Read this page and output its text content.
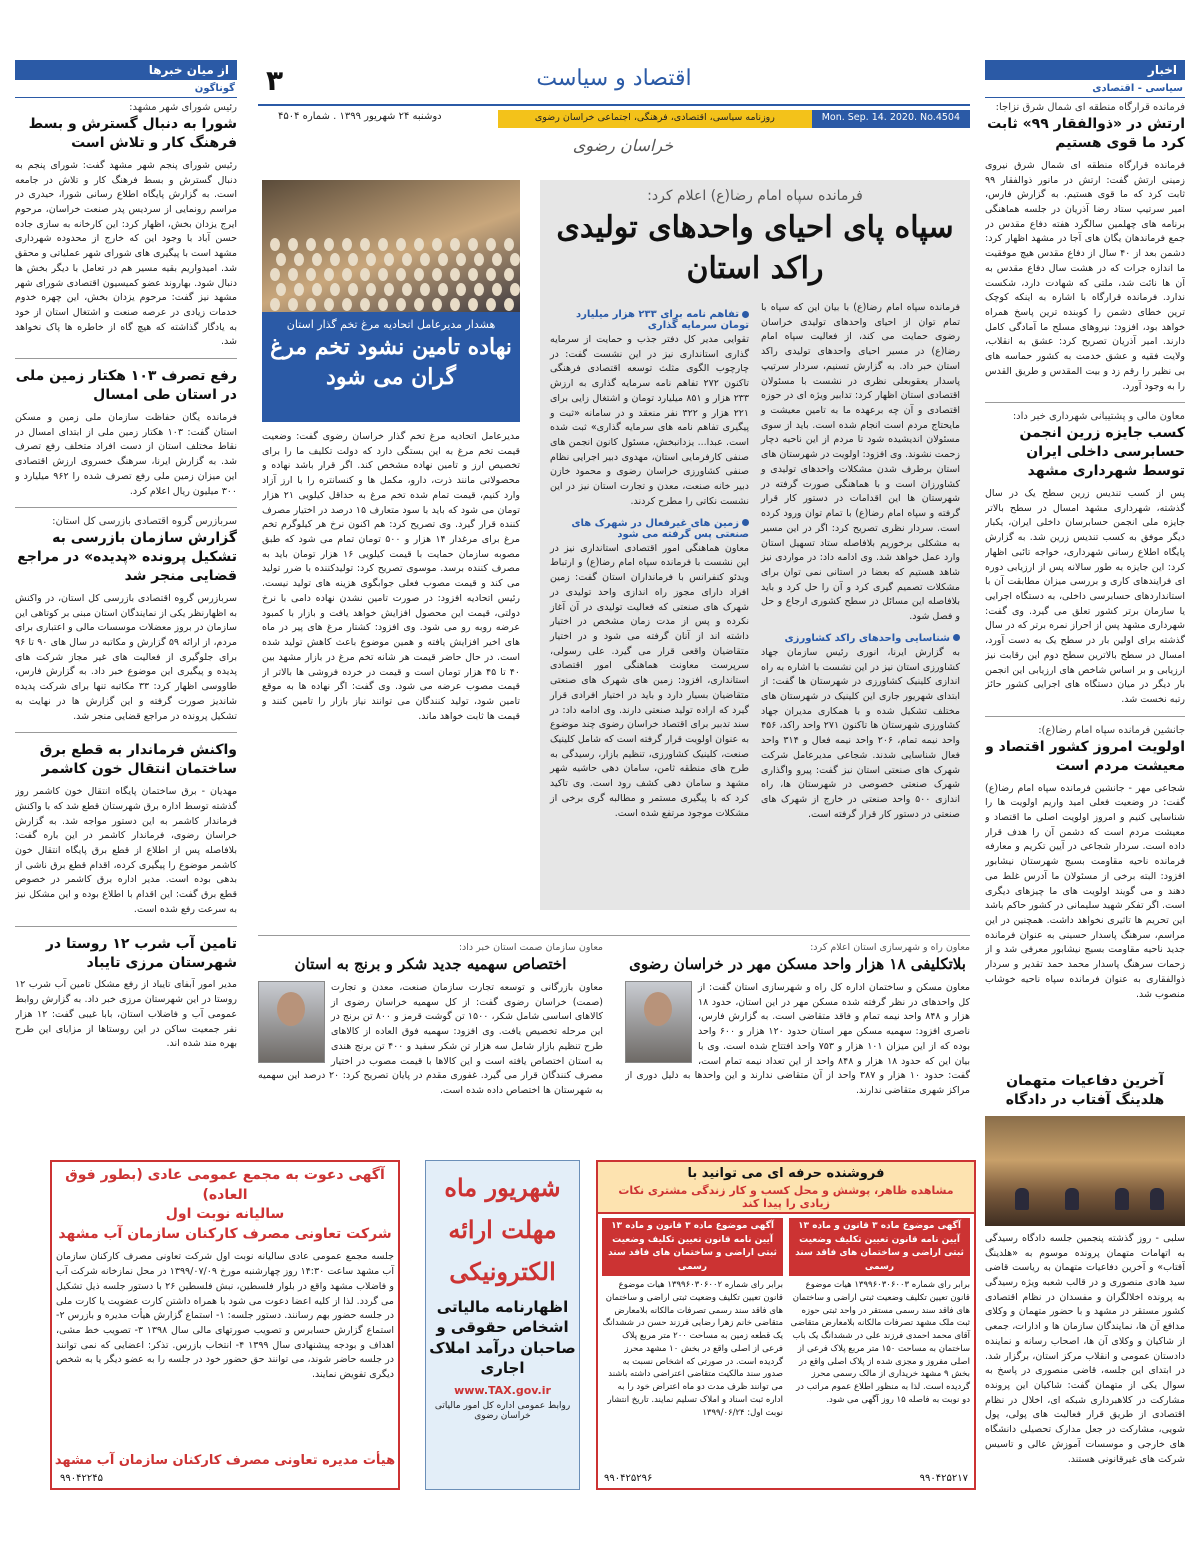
اخبار
سیاسی - اقتصادی
فرمانده قرارگاه منطقه ای شمال شرق نزاجا:
ارتش در «ذوالفقار ۹۹» ثابت کرد ما قوی هستیم

فرمانده قرارگاه منطقه ای شمال شرق نیروی زمینی ارتش گفت: ارتش در مانور ذوالفقار ۹۹ ثابت کرد که ما قوی هستیم. به گزارش فارس، امیر سرتیپ ستاد رضا آذریان در جلسه هماهنگی برنامه های چهلمین سالگرد هفته دفاع مقدس در جمع فرماندهان یگان های آجا در مشهد اظهار کرد: دشمن بعد از ۴۰ سال از دفاع مقدس هیچ موفقیت ما اندازه جرات که در هشت سال دفاع مقدس به آن ها نائت شد، ملتی که شهادت دارد، شکست ندارد. فرمانده قرارگاه با اشاره به اینکه کوچک ترین خطای دشمن را کوبنده ترین پاسخ همراه خواهد بود، افزود: نیروهای مسلح ما آمادگی کامل دارند. امیر آذریان تصریح کرد: عشق به انقلاب، ولایت فقیه و عشق خدمت به کشور حماسه های بی نظیر را رقم زد و بیت المقدس و طریق القدس را به وجود آورد.

معاون مالی و پشتیبانی شهرداری خبر داد:
کسب جایزه زرین انجمن حسابرسی داخلی ایران توسط شهرداری مشهد

پس از کسب تندیس زرین سطح یک در سال گذشته، شهرداری مشهد امسال در سطح بالاتر جایزه ملی انجمن حسابرسان داخلی ایران، یکبار دیگر موفق به کسب تندیس زرین شد. به گزارش پایگاه اطلاع رسانی شهرداری، خواجه تائبی اظهار کرد: این جایزه به طور سالانه پس از ارزیابی دوره ای فرایندهای کاری و بررسی میزان مطابقت آن با استانداردهای حسابرسی داخلی، به دستگاه اجرایی یا سازمان برتر کشور تعلق می گیرد. وی گفت: شهرداری مشهد پس از احراز نمره برتر که در سال گذشته برای اولین بار در سطح یک به دست آورد، امسال در سطح بالاترین سطح دوم این رقابت نیز ارزیابی و بر اساس شاخص های ارزیابی این انجمن بار دیگر در میان دستگاه های اجرایی کشور حائز رتبه نخست شد.

جانشین فرمانده سپاه امام رضا(ع):
اولویت امروز کشور اقتصاد و معیشت مردم است

شجاعی مهر - جانشین فرمانده سپاه امام رضا(ع) گفت: در وضعیت فعلی امید واریم اولویت ها را شناسایی کنیم و امروز اولویت اصلی ما اقتصاد و معیشت مردم است که دشمن آن را هدف قرار داده است. سردار شجاعی در آیین تکریم و معارفه فرمانده ناحیه مقاومت بسیج شهرستان نیشابور افزود: البته برخی از مسئولان ما آدرس غلط می دهند و می گویند اولویت های ما چیزهای دیگری است. اگر تفکر شهید سلیمانی در کشور حاکم باشد این تحریم ها تاثیری نخواهد داشت. همچنین در این مراسم، سرهنگ پاسدار حسینی به عنوان فرمانده جدید ناحیه مقاومت بسیج نیشابور معرفی شد و از زحمات سرهنگ پاسدار محمد حمد تقدیر و سردار ذوالفقاری به عنوان فرمانده سپاه ناحیه خوشاب منصوب شد.

۳	اقتصاد و سیاست
دوشنبه ۲۴ شهریور ۱۳۹۹ . شماره ۴۵۰۴	روزنامه سیاسی، اقتصادی، فرهنگی، اجتماعی خراسان رضوی	Mon. Sep. 14. 2020. No.4504
خراسان رضوی
فرمانده سپاه امام رضا(ع) اعلام کرد:
سپاه پای احیای واحدهای تولیدی راکد استان

فرمانده سپاه امام رضا(ع) با بیان این که سپاه با تمام توان از احیای واحدهای تولیدی خراسان رضوی حمایت می کند، از فعالیت سپاه امام رضا(ع) در مسیر احیای واحدهای تولیدی راکد استان خبر داد. به گزارش تسنیم، سردار سرتیپ پاسدار یعقوبعلی نظری در نشست با مسئولان اقتصادی استان اظهار کرد: تدابیر ویژه ای در حوزه اقتصادی و آن چه برعهده ما به تامین معیشت و مایحتاج مردم است انجام شده است. باید از سوی مسئولان اندیشیده شود تا مردم از این ناحیه دچار زحمت نشوند. وی افزود: اولویت در شهرستان های استان برطرف شدن مشکلات واحدهای تولیدی و کشاورزان است و با هماهنگی صورت گرفته در شهرستان ها این اقدامات در دستور کار قرار گرفته و سپاه امام رضا(ع) با تمام توان ورود کرده است. سردار نظری تصریح کرد: اگر در این مسیر به مشکلی برخوریم بلافاصله ستاد تسهیل استان وارد عمل خواهد شد. وی ادامه داد: در مواردی نیز شاهد هستیم که بعضا در استانی نمی توان برای مشکلات تصمیم گیری کرد و آن را حل کرد و باید بلافاصله این مسائل در سطح کشوری ارجاع و حل و فصل شود.

شناسایی واحدهای راکد کشاورزی

به گزارش ایرنا، انوری رئیس سازمان جهاد کشاورزی استان نیز در این نشست با اشاره به راه اندازی کلینیک کشاورزی در شهرستان ها گفت: از ابتدای شهریور جاری این کلینیک در شهرستان های مختلف تشکیل شده و با همکاری مدیران جهاد کشاورزی شهرستان ها تاکنون ۲۷۱ واحد راکد، ۴۵۶ واحد نیمه تمام، ۲۰۶ واحد نیمه فعال و ۳۱۴ واحد فعال شناسایی شدند. شجاعی مدیرعامل شرکت شهرک های صنعتی استان نیز گفت: پیرو واگذاری شهرک صنعتی خصوصی در شهرستان ها، راه اندازی ۵۰۰ واحد صنعتی در خارج از شهرک های صنعتی در دستور کار قرار گرفته است.

تفاهم نامه برای ۲۳۳ هزار میلیارد تومان سرمایه گذاری

تقوایی مدیر کل دفتر جذب و حمایت از سرمایه گذاری استانداری نیز در این نشست گفت: در چارچوب الگوی مثلث توسعه اقتصادی فرهنگی تاکنون ۲۷۲ تفاهم نامه سرمایه گذاری به ارزش ۲۳۳ هزار و ۸۵۱ میلیارد تومان و اشتغال زایی برای ۲۲۱ هزار و ۳۲۲ نفر منعقد و در سامانه «ثبت و پیگیری تفاهم نامه های سرمایه گذاری» ثبت شده است. عبدا... یزدانبخش، مسئول کانون انجمن های صنفی کارفرمایی استان، مهدوی دبیر اجرایی نظام صنفی کشاورزی خراسان رضوی و محمود خازن دبیر خانه صنعت، معدن و تجارت استان نیز در این نشست نکاتی را مطرح کردند.

زمین های غیرفعال در شهرک های صنعتی پس گرفته می شود

معاون هماهنگی امور اقتصادی استانداری نیز در این نشست با فرمانده سپاه امام رضا(ع) و ارتباط ویدئو کنفرانس با فرمانداران استان گفت: زمین افراد دارای مجوز راه اندازی واحد تولیدی در شهرک های صنعتی که فعالیت تولیدی در آن آغاز نکرده و پس از مدت زمان مشخص در اختیار داشته اند از آنان گرفته می شود و در اختیار متقاضیان واقعی قرار می گیرد. علی رسولی، سرپرست معاونت هماهنگی امور اقتصادی استانداری، افزود: زمین های شهرک های صنعتی متقاضیان بسیار دارد و باید در اختیار افرادی قرار گیرد که اراده تولید صنعتی دارند. وی ادامه داد: در سند تدبیر برای اقتصاد خراسان رضوی چند موضوع به عنوان اولویت قرار گرفته است که شامل کلینیک صنعت، کلینیک کشاورزی، تنظیم بازار، رسیدگی به طرح های منطقه ثامن، سامان دهی حاشیه شهر مشهد و سامان دهی کشف رود است. وی تاکید کرد که با پیگیری مستمر و مطالبه گری برخی از مشکلات موجود مرتفع شده است.

هشدار مدیرعامل اتحادیه مرغ تخم گذار استان
نهاده تامین نشود تخم مرغ گران می شود

مدیرعامل اتحادیه مرغ تخم گذار خراسان رضوی گفت: وضعیت قیمت تخم مرغ به این بستگی دارد که دولت تکلیف ما را برای تخصیص ارز و تامین نهاده مشخص کند. اگر قرار باشد نهاده و محصولاتی مانند ذرت، دارو، مکمل ها و کنسانتره را با ارز آزاد وارد کنیم، قیمت تمام شده تخم مرغ به حداقل کیلویی ۲۱ هزار تومان می شود که باید با سود متعارف ۱۵ درصد در اختیار مصرف کننده قرار گیرد. وی تصریح کرد: هم اکنون نرخ هر کیلوگرم تخم مرغ برای مرغدار ۱۴ هزار و ۵۰۰ تومان تمام می شود که طبق مصوبه سازمان حمایت با قیمت کیلویی ۱۶ هزار تومان باید به مصرف کننده برسد. موسوی تصریح کرد: تولیدکننده با ضرر تولید می کند و قیمت مصوب فعلی جوابگوی هزینه های تولید نیست. رئیس اتحادیه افزود: در صورت تامین نشدن نهاده دامی با نرخ دولتی، قیمت این محصول افزایش خواهد یافت و بازار با کمبود عرضه روبه رو می شود. وی افزود: کشتار مرغ های پیر در ماه های اخیر افزایش یافته و همین موضوع باعث کاهش تولید شده است. در حال حاضر قیمت هر شانه تخم مرغ در بازار مشهد بین ۴۰ تا ۴۵ هزار تومان است و قیمت در خرده فروشی ها بالاتر از قیمت مصوب عرضه می شود. وی گفت: اگر نهاده ها به موقع تامین شود، تولید کنندگان می توانند نیاز بازار را تامین کنند و قیمت ها ثابت خواهد ماند.

از میان خبرها
گوناگون
رئیس شورای شهر مشهد:
شورا به دنبال گسترش و بسط فرهنگ کار و تلاش است

رئیس شورای پنجم شهر مشهد گفت: شورای پنجم به دنبال گسترش و بسط فرهنگ کار و تلاش در جامعه است. به گزارش پایگاه اطلاع رسانی شورا، حیدری در مراسم رونمایی از سردیس پدر صنعت خراسان، مرحوم ایرج یزدان بخش، اظهار کرد: این کارخانه به سازی جاده حسن آباد با وجود این که خارج از محدوده شهرداری مشهد است با پیگیری های شورای شهر عملیاتی و محقق شد. امیدواریم بقیه مسیر هم در تعامل با دیگر بخش ها دنبال شود. بهاروند عضو کمیسیون اقتصادی شورای شهر مشهد نیز گفت: مرحوم یزدان بخش، این چهره خدوم خدمات زیادی در عرصه صنعت و اشتغال استان از خود به یادگار گذاشته که هیچ گاه از خاطره ها پاک نخواهد شد.

رفع تصرف ۱۰۳ هکتار زمین ملی در استان طی امسال

فرمانده یگان حفاظت سازمان ملی زمین و مسکن استان گفت: ۱۰۳ هکتار زمین ملی از ابتدای امسال در نقاط مختلف استان از دست افراد متخلف رفع تصرف شد. به گزارش ایرنا، سرهنگ خسروی ارزش اقتصادی این میزان زمین ملی رفع تصرف شده را ۹۶۲ میلیارد و ۳۰۰ میلیون ریال اعلام کرد.

سربازرس گروه اقتصادی بازرسی کل استان:
گزارش سازمان بازرسی به تشکیل پرونده «پدیده» در مراجع قضایی منجر شد

سربازرس گروه اقتصادی بازرسی کل استان، در واکنش به اظهارنظر یکی از نمایندگان استان مبنی بر کوتاهی این سازمان در بروز معضلات موسسات مالی و اعتباری برای مردم، از ارائه ۵۹ گزارش و مکاتبه در سال های ۹۰ تا ۹۶ برای جلوگیری از فعالیت های غیر مجاز شرکت های پدیده و پیگیری این موضوع خبر داد. به گزارش فارس، طاووسی اظهار کرد: ۳۳ مکاتبه تنها برای شرکت پدیده شاندیز صورت گرفته و این گزارش ها در نهایت به تشکیل پرونده در مراجع قضایی منجر شد.

واکنش فرماندار به قطع برق ساختمان انتقال خون کاشمر

مهدیان - برق ساختمان پایگاه انتقال خون کاشمر روز گذشته توسط اداره برق شهرستان قطع شد که با واکنش فرماندار کاشمر به این دستور مواجه شد. به گزارش خراسان رضوی، فرماندار کاشمر در این باره گفت: بلافاصله پس از اطلاع از قطع برق پایگاه انتقال خون کاشمر موضوع را پیگیری کرده، اقدام قطع برق ناشی از بدهی بوده است. مدیر اداره برق کاشمر در خصوص قطع برق گفت: این اقدام با اطلاع بوده و این مشکل نیز به سرعت رفع شده است.

تامین آب شرب ۱۲ روستا در شهرستان مرزی تایباد

مدیر امور آبفای تایباد از رفع مشکل تامین آب شرب ۱۲ روستا در این شهرستان مرزی خبر داد. به گزارش روابط عمومی آب و فاضلاب استان، بابا غیبی گفت: ۱۲ هزار نفر جمعیت ساکن در این روستاها از مزایای این طرح بهره مند شده اند.

معاون راه و شهرسازی استان اعلام کرد:
بلاتکلیفی ۱۸ هزار واحد مسکن مهر در خراسان رضوی

معاون مسکن و ساختمان اداره کل راه و شهرسازی استان گفت: از کل واحدهای در نظر گرفته شده مسکن مهر در این استان، حدود ۱۸ هزار و ۸۴۸ واحد نیمه تمام و فاقد متقاضی است. به گزارش فارس، ناصری افزود: سهمیه مسکن مهر استان حدود ۱۲۰ هزار و ۶۰۰ واحد بوده که از این میزان ۱۰۱ هزار و ۷۵۳ واحد افتتاح شده است. وی با بیان این که حدود ۱۸ هزار و ۸۴۸ واحد از این تعداد نیمه تمام است، گفت: حدود ۱۰ هزار و ۳۸۷ واحد از آن متقاضی ندارند و این واحدها به دلیل دوری از مراکز شهری متقاضی ندارند.

معاون سازمان صمت استان خبر داد:
اختصاص سهمیه جدید شکر و برنج به استان

معاون بازرگانی و توسعه تجارت سازمان صنعت، معدن و تجارت (صمت) خراسان رضوی گفت: از کل سهمیه خراسان رضوی از کالاهای اساسی شامل شکر، ۱۵۰۰ تن گوشت قرمز و ۸۰۰ تن برنج در این مرحله تخصیص یافت. وی افزود: سهمیه فوق العاده از کالاهای طرح تنظیم بازار شامل سه هزار تن شکر سفید و ۴۰۰ تن برنج هندی به استان اختصاص یافته است و این کالاها با قیمت مصوب در اختیار مصرف کنندگان قرار می گیرد. غفوری مقدم در پایان تصریح کرد: ۲۰ درصد این سهمیه به شهرستان ها اختصاص داده شده است.

آخرین دفاعیات متهمان هلدینگ آفتاب در دادگاه

سلبی - روز گذشته پنجمین جلسه دادگاه رسیدگی به اتهامات متهمان پرونده موسوم به «هلدینگ آفتاب» و آخرین دفاعیات متهمان به ریاست قاضی سید هادی منصوری و در قالب شعبه ویژه رسیدگی به پرونده اخلالگران و مفسدان در نظام اقتصادی کشور مستقر در مشهد و با حضور متهمان و وکلای مدافع آن ها، نمایندگان سازمان ها و ادارات، جمعی از شاکیان و وکلای آن ها، اصحاب رسانه و نماینده دادستان عمومی و انقلاب مرکز استان، برگزار شد. در ابتدای این جلسه، قاضی منصوری در پاسخ به سوال یکی از متهمان گفت: شاکیان این پرونده مشارکت در کلاهبرداری شبکه ای، اخلال در نظام اقتصادی از طریق قرار فعالیت های پولی، پول شویی، مشارکت در جعل مدارک تحصیلی دانشگاه های خارجی و موسسات آموزش عالی و تاسیس شرکت های غیرقانونی هستند.

آگهی دعوت به مجمع عمومی عادی (بطور فوق العاده)
سالیانه نوبت اول
شرکت تعاونی مصرف کارکنان سازمان آب مشهد

جلسه مجمع عمومی عادی سالیانه نوبت اول شرکت تعاونی مصرف کارکنان سازمان آب مشهد ساعت ۱۴:۳۰ روز چهارشنبه مورخ ۱۳۹۹/۰۷/۰۹ در محل نمازخانه شرکت آب و فاضلاب مشهد واقع در بلوار فلسطین، نبش فلسطین ۲۶ با دستور جلسه ذیل تشکیل می گردد. لذا از کلیه اعضا دعوت می شود با همراه داشتن کارت عضویت یا کارت ملی در جلسه حضور بهم رسانند. دستور جلسه: ۱- استماع گزارش هیأت مدیره و بازرس ۲- استماع گزارش حسابرس و تصویب صورتهای مالی سال ۱۳۹۸ ۳- تصویب خط مشی، اهداف و بودجه پیشنهادی سال ۱۳۹۹ ۴- انتخاب بازرس. تذکر: اعضایی که نمی توانند در جلسه حاضر شوند، می توانند حق حضور خود در جلسه را به عضو دیگر یا به شخص دیگری تفویض نمایند.

هیأت مدیره تعاونی مصرف کارکنان سازمان آب مشهد
۹۹۰۴۲۲۴۵
شهریور ماه
مهلت ارائه
الکترونیکی
اظهارنامه مالیاتی اشخاص حقوقی و صاحبان درآمد املاک اجاری
www.TAX.gov.ir
روابط عمومی اداره کل امور مالیاتی خراسان رضوی
فروشنده حرفه ای می توانید با
مشاهده ظاهر، پوشش و محل کسب و کار زندگی مشتری نکات زیادی را پیدا کند
آگهی موضوع ماده ۳ قانون و ماده ۱۳ آیین نامه قانون تعیین تکلیف وضعیت ثبتی اراضی و ساختمان های فاقد سند رسمی
برابر رای شماره ۱۳۹۹۶۰۳۰۶۰۰۳ هیات موضوع قانون تعیین تکلیف وضعیت ثبتی اراضی و ساختمان های فاقد سند رسمی مستقر در واحد ثبتی حوزه ثبت ملک مشهد تصرفات مالکانه بلامعارض متقاضی آقای محمد احمدی فرزند علی در ششدانگ یک باب ساختمان به مساحت ۱۵۰ متر مربع پلاک فرعی از اصلی مفروز و مجزی شده از پلاک اصلی واقع در بخش ۹ مشهد خریداری از مالک رسمی محرز گردیده است. لذا به منظور اطلاع عموم مراتب در دو نوبت به فاصله ۱۵ روز آگهی می شود.
آگهی موضوع ماده ۳ قانون و ماده ۱۳ آیین نامه قانون تعیین تکلیف وضعیت ثبتی اراضی و ساختمان های فاقد سند رسمی
برابر رای شماره ۱۳۹۹۶۰۳۰۶۰۰۲ هیات موضوع قانون تعیین تکلیف وضعیت ثبتی اراضی و ساختمان های فاقد سند رسمی تصرفات مالکانه بلامعارض متقاضی خانم زهرا رضایی فرزند حسن در ششدانگ یک قطعه زمین به مساحت ۲۰۰ متر مربع پلاک فرعی از اصلی واقع در بخش ۱۰ مشهد محرز گردیده است. در صورتی که اشخاص نسبت به صدور سند مالکیت متقاضی اعتراضی داشته باشند می توانند ظرف مدت دو ماه اعتراض خود را به اداره ثبت اسناد و املاک تسلیم نمایند. تاریخ انتشار نوبت اول: ۱۳۹۹/۰۶/۲۴
۹۹۰۴۲۵۲۱۷
۹۹۰۴۲۵۲۹۶
